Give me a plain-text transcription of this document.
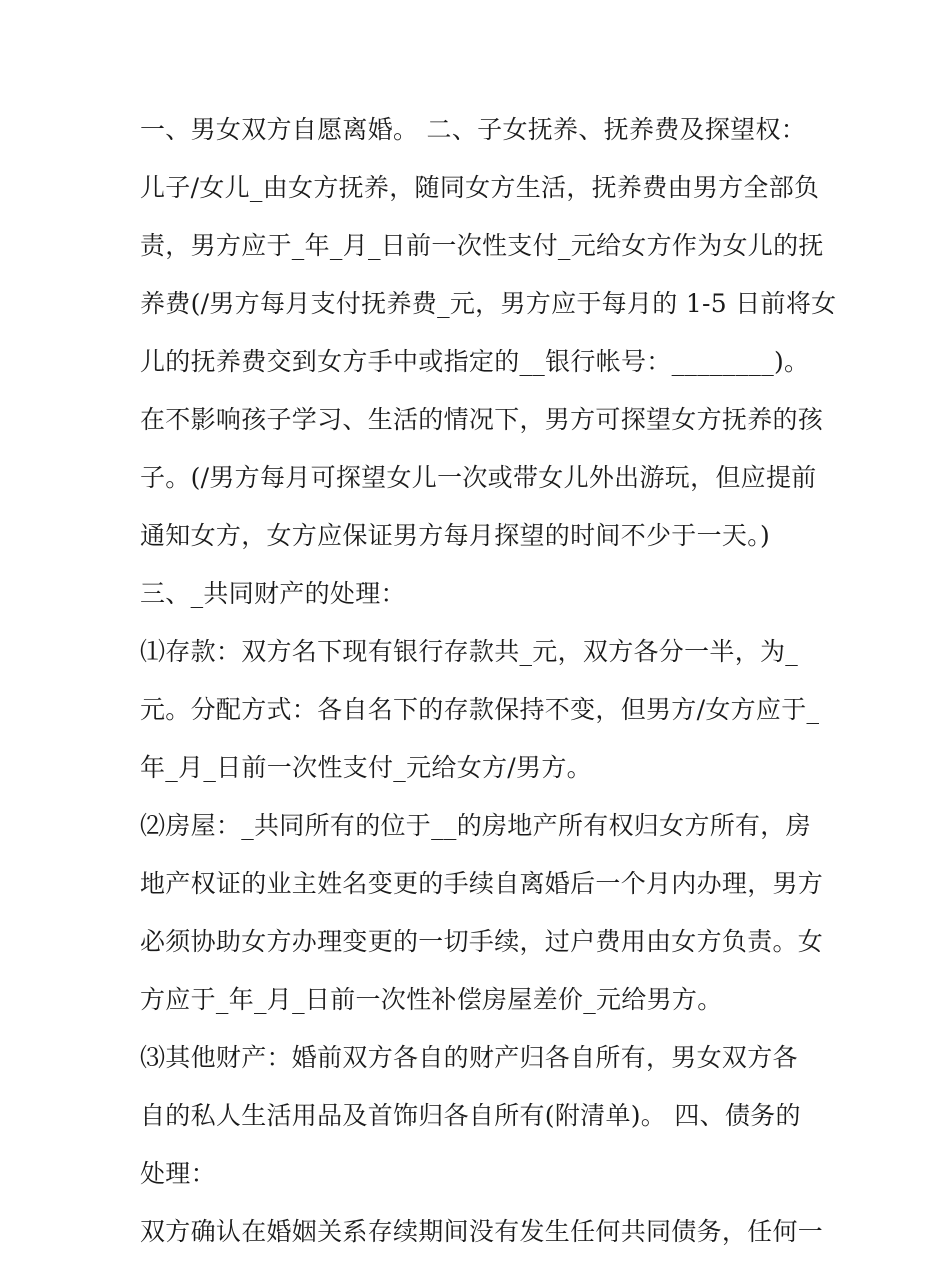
一、男女双方自愿离婚。 二、子女抚养、抚养费及探望权：
儿子/女儿_由女方抚养，随同女方生活，抚养费由男方全部负
责，男方应于_年_月_日前一次性支付_元给女方作为女儿的抚
养费(/男方每月支付抚养费_元，男方应于每月的 1-5 日前将女
儿的抚养费交到女方手中或指定的__银行帐号：________)。
在不影响孩子学习、生活的情况下，男方可探望女方抚养的孩
子。(/男方每月可探望女儿一次或带女儿外出游玩，但应提前
通知女方，女方应保证男方每月探望的时间不少于一天。)
三、_共同财产的处理：
⑴存款：双方名下现有银行存款共_元，双方各分一半，为_
元。分配方式：各自名下的存款保持不变，但男方/女方应于_
年_月_日前一次性支付_元给女方/男方。
⑵房屋：_共同所有的位于__的房地产所有权归女方所有，房
地产权证的业主姓名变更的手续自离婚后一个月内办理，男方
必须协助女方办理变更的一切手续，过户费用由女方负责。女
方应于_年_月_日前一次性补偿房屋差价_元给男方。
⑶其他财产：婚前双方各自的财产归各自所有，男女双方各
自的私人生活用品及首饰归各自所有(附清单)。 四、债务的
处理：
双方确认在婚姻关系存续期间没有发生任何共同债务，任何一
